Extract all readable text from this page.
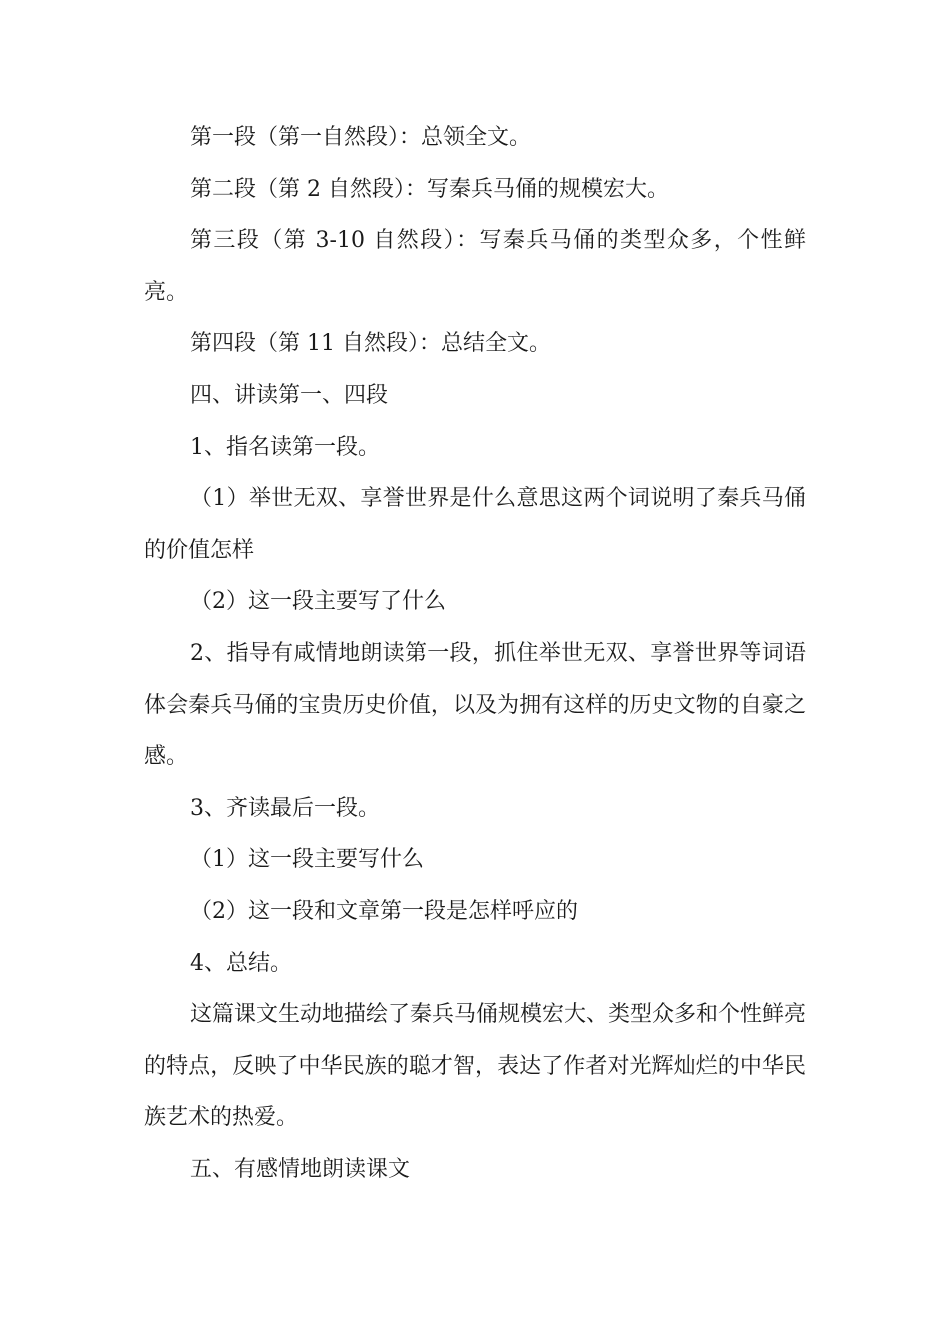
第一段（第一自然段）：总领全文。

第二段（第 2 自然段）：写秦兵马俑的规模宏大。

第三段（第 3-10 自然段）：写秦兵马俑的类型众多，个性鲜亮。

第四段（第 11 自然段）：总结全文。

四、讲读第一、四段

1、指名读第一段。

（1）举世无双、享誉世界是什么意思这两个词说明了秦兵马俑的价值怎样

（2）这一段主要写了什么

2、指导有咸情地朗读第一段，抓住举世无双、享誉世界等词语体会秦兵马俑的宝贵历史价值，以及为拥有这样的历史文物的自豪之感。

3、齐读最后一段。

（1）这一段主要写什么

（2）这一段和文章第一段是怎样呼应的

4、总结。

这篇课文生动地描绘了秦兵马俑规模宏大、类型众多和个性鲜亮的特点，反映了中华民族的聪才智，表达了作者对光辉灿烂的中华民族艺术的热爱。

五、有感情地朗读课文
